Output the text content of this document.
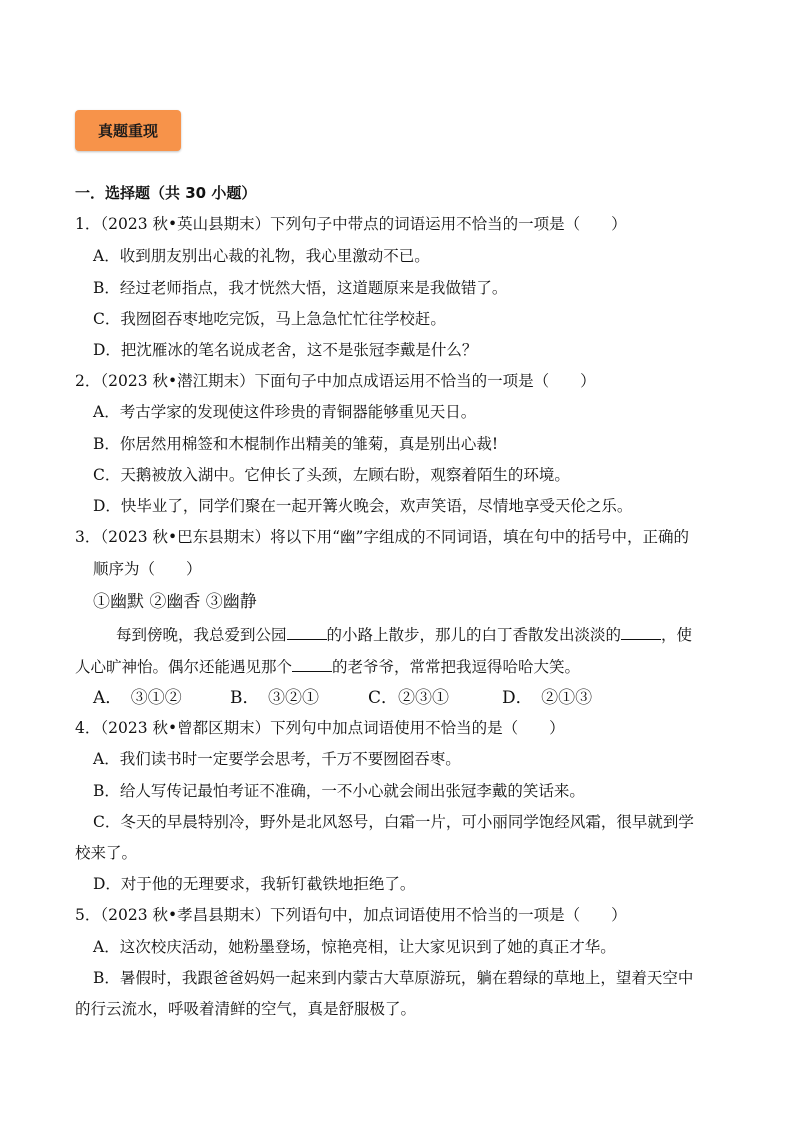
真题重现
一．选择题（共 30 小题）
1．（2023 秋•英山县期末）下列句子中带点的词语运用不恰当的一项是（　　）
A．收到朋友别出心裁的礼物，我心里激动不已。
B．经过老师指点，我才恍然大悟，这道题原来是我做错了。
C．我囫囵吞枣地吃完饭，马上急急忙忙往学校赶。
D．把沈雁冰的笔名说成老舍，这不是张冠李戴是什么？
2．（2023 秋•潜江期末）下面句子中加点成语运用不恰当的一项是（　　）
A．考古学家的发现使这件珍贵的青铜器能够重见天日。
B．你居然用棉签和木棍制作出精美的雏菊，真是别出心裁!
C．天鹅被放入湖中。它伸长了头颈，左顾右盼，观察着陌生的环境。
D．快毕业了，同学们聚在一起开篝火晚会，欢声笑语，尽情地享受天伦之乐。
3．（2023 秋•巴东县期末）将以下用“幽”字组成的不同词语，填在句中的括号中，正确的
顺序为（　　）
①幽默 ②幽香 ③幽静
每到傍晚，我总爱到公园	的小路上散步，那儿的白丁香散发出淡淡的	，使
人心旷神怡。偶尔还能遇见那个	的老爷爷，常常把我逗得哈哈大笑。
A．　③①②	B．　③②①	C．②③①	D．　②①③
4．（2023 秋•曾都区期末）下列句中加点词语使用不恰当的是（　　）
A．我们读书时一定要学会思考，千万不要囫囵吞枣。
B．给人写传记最怕考证不准确，一不小心就会闹出张冠李戴的笑话来。
C．冬天的早晨特别冷，野外是北风怒号，白霜一片，可小丽同学饱经风霜，很早就到学
校来了。
D．对于他的无理要求，我斩钉截铁地拒绝了。
5．（2023 秋•孝昌县期末）下列语句中，加点词语使用不恰当的一项是（　　）
A．这次校庆活动，她粉墨登场，惊艳亮相，让大家见识到了她的真正才华。
B．暑假时，我跟爸爸妈妈一起来到内蒙古大草原游玩，躺在碧绿的草地上，望着天空中
的行云流水，呼吸着清鲜的空气，真是舒服极了。
